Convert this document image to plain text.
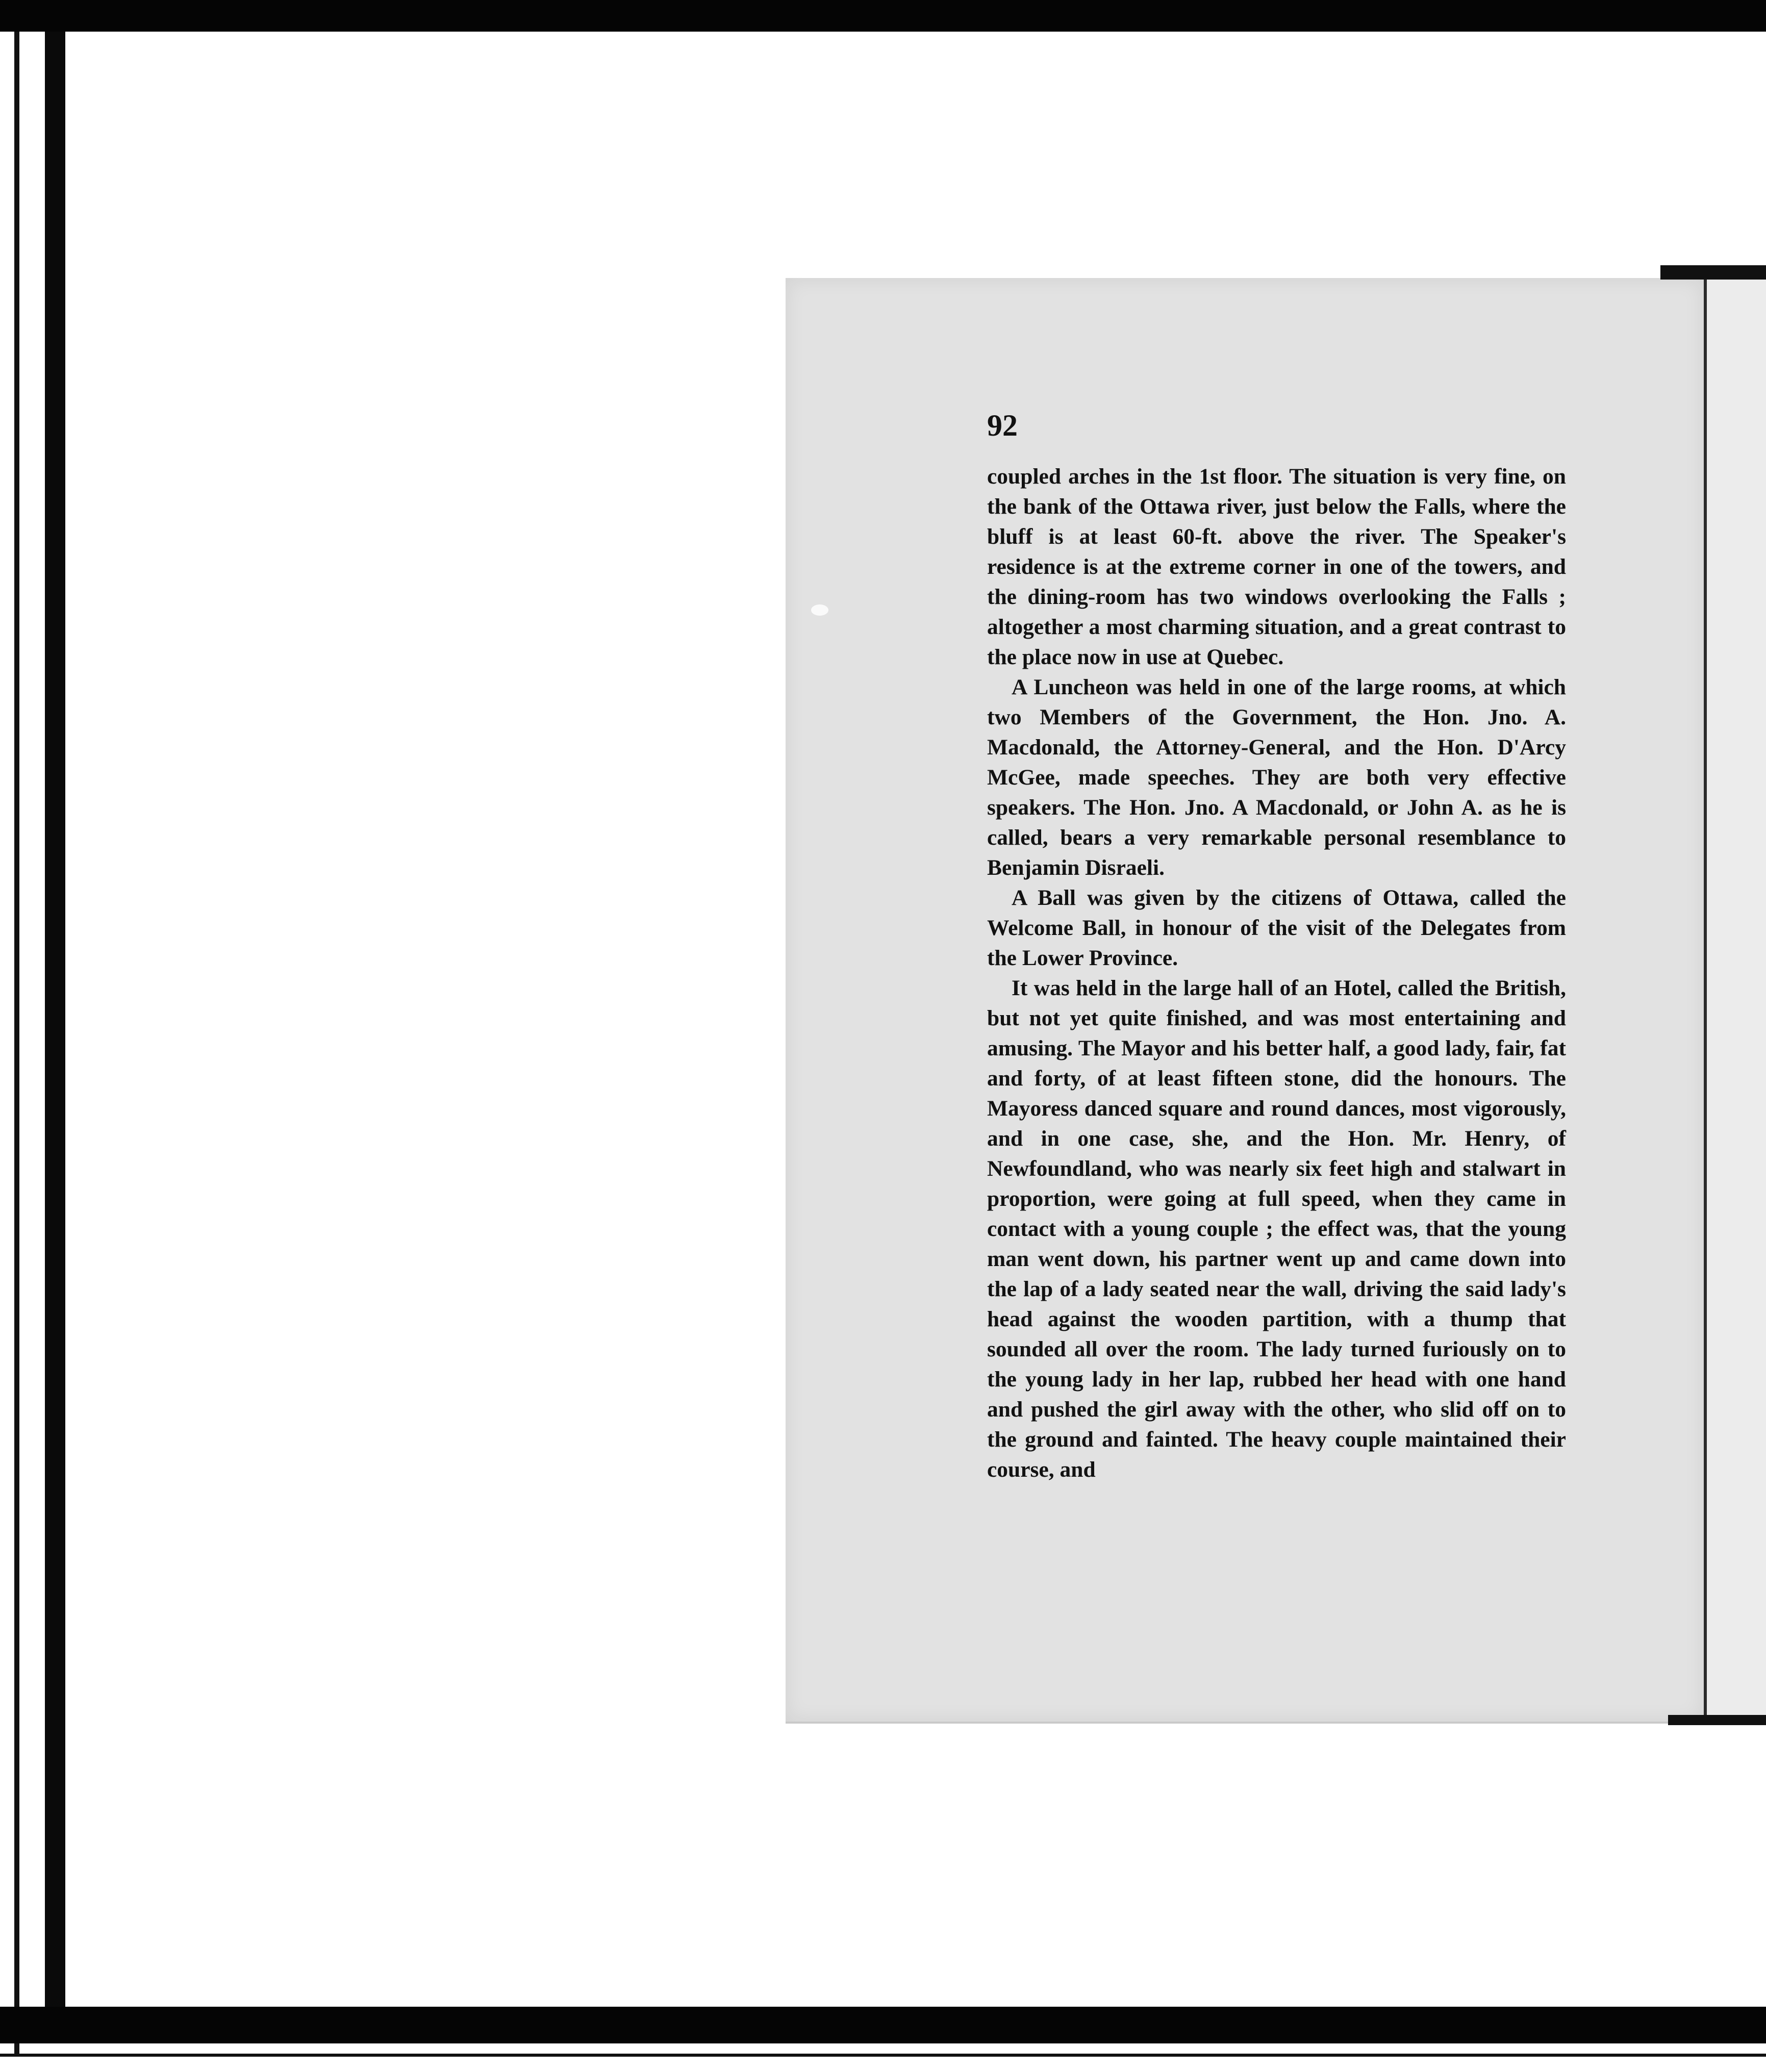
92

coupled arches in the 1st floor. The situation is very fine, on the bank of the Ottawa river, just below the Falls, where the bluff is at least 60-ft. above the river. The Speaker's residence is at the extreme corner in one of the towers, and the dining-room has two windows overlooking the Falls ; altogether a most charming situation, and a great contrast to the place now in use at Quebec.

A Luncheon was held in one of the large rooms, at which two Members of the Government, the Hon. Jno. A. Macdonald, the Attorney-General, and the Hon. D'Arcy McGee, made speeches. They are both very effective speakers. The Hon. Jno. A Macdonald, or John A. as he is called, bears a very remarkable personal resemblance to Benjamin Disraeli.

A Ball was given by the citizens of Ottawa, called the Welcome Ball, in honour of the visit of the Delegates from the Lower Province.

It was held in the large hall of an Hotel, called the British, but not yet quite finished, and was most entertaining and amusing. The Mayor and his better half, a good lady, fair, fat and forty, of at least fifteen stone, did the honours. The Mayoress danced square and round dances, most vigorously, and in one case, she, and the Hon. Mr. Henry, of Newfoundland, who was nearly six feet high and stalwart in proportion, were going at full speed, when they came in contact with a young couple ; the effect was, that the young man went down, his partner went up and came down into the lap of a lady seated near the wall, driving the said lady's head against the wooden partition, with a thump that sounded all over the room. The lady turned furiously on to the young lady in her lap, rubbed her head with one hand and pushed the girl away with the other, who slid off on to the ground and fainted. The heavy couple maintained their course, and
